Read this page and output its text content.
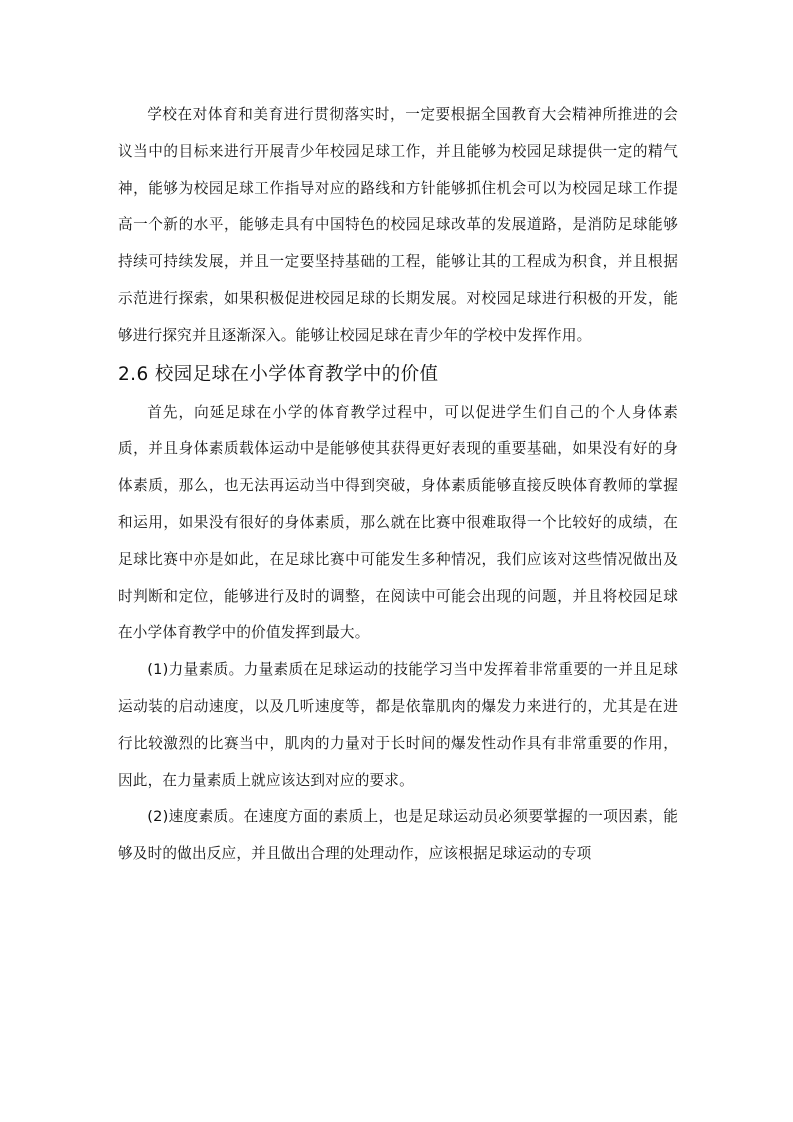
学校在对体育和美育进行贯彻落实时，一定要根据全国教育大会精神所推进的会议当中的目标来进行开展青少年校园足球工作，并且能够为校园足球提供一定的精气神，能够为校园足球工作指导对应的路线和方针能够抓住机会可以为校园足球工作提高一个新的水平，能够走具有中国特色的校园足球改革的发展道路，是消防足球能够持续可持续发展，并且一定要坚持基础的工程，能够让其的工程成为积食，并且根据示范进行探索，如果积极促进校园足球的长期发展。对校园足球进行积极的开发，能够进行探究并且逐渐深入。能够让校园足球在青少年的学校中发挥作用。

2.6 校园足球在小学体育教学中的价值

首先，向延足球在小学的体育教学过程中，可以促进学生们自己的个人身体素质，并且身体素质载体运动中是能够使其获得更好表现的重要基础，如果没有好的身体素质，那么，也无法再运动当中得到突破，身体素质能够直接反映体育教师的掌握和运用，如果没有很好的身体素质，那么就在比赛中很难取得一个比较好的成绩，在足球比赛中亦是如此，在足球比赛中可能发生多种情况，我们应该对这些情况做出及时判断和定位，能够进行及时的调整，在阅读中可能会出现的问题，并且将校园足球在小学体育教学中的价值发挥到最大。

(1)力量素质。力量素质在足球运动的技能学习当中发挥着非常重要的一并且足球运动装的启动速度，以及几听速度等，都是依靠肌肉的爆发力来进行的，尤其是在进行比较激烈的比赛当中，肌肉的力量对于长时间的爆发性动作具有非常重要的作用，因此，在力量素质上就应该达到对应的要求。

(2)速度素质。在速度方面的素质上，也是足球运动员必须要掌握的一项因素，能够及时的做出反应，并且做出合理的处理动作，应该根据足球运动的专项
